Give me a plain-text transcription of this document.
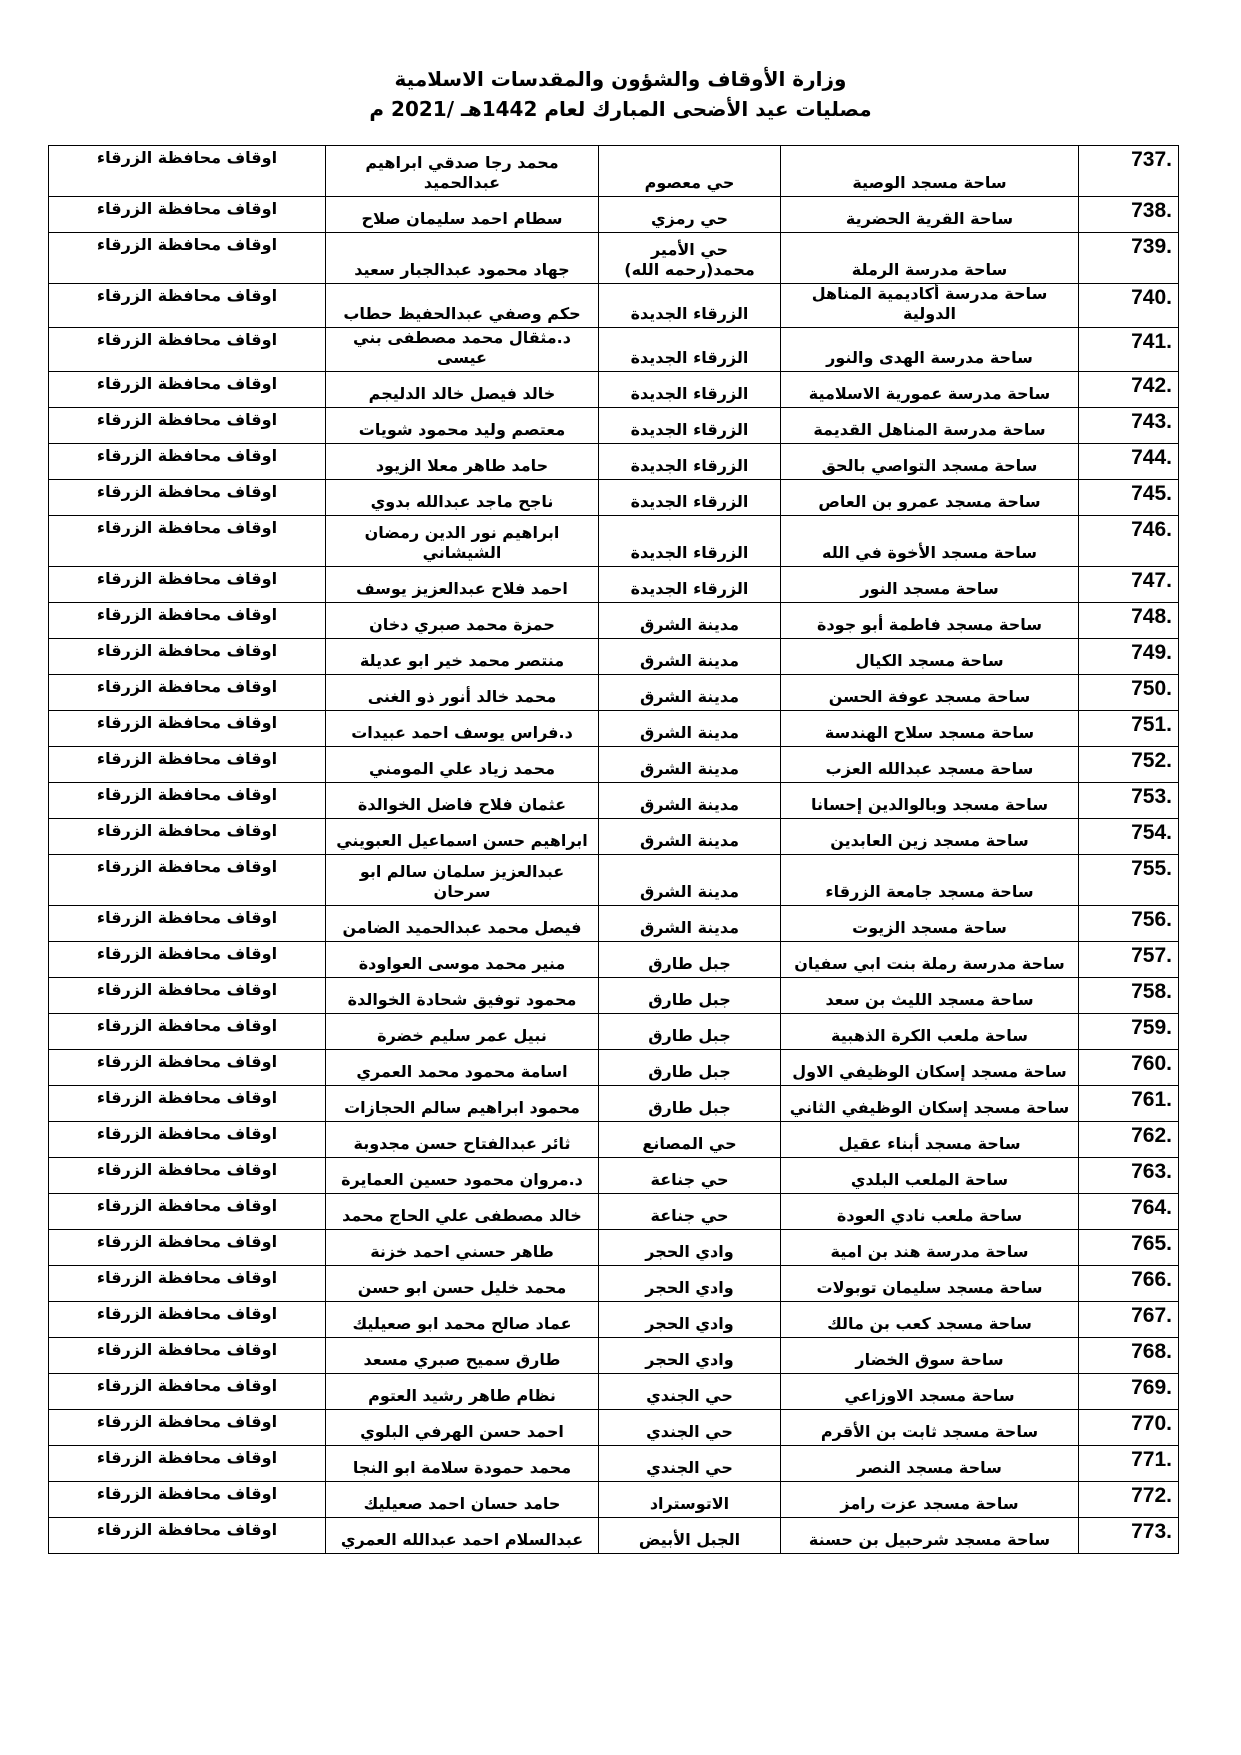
وزارة الأوقاف والشؤون والمقدسات الاسلامية
مصليات عيد الأضحى المبارك لعام 1442هـ /2021 م
737.	ساحة مسجد الوصية	حي معصوم	محمد رجا صدقي ابراهيم عبدالحميد	اوقاف محافظة الزرقاء
738.	ساحة القرية الحضرية	حي رمزي	سطام احمد سليمان صلاح	اوقاف محافظة الزرقاء
739.	ساحة مدرسة الرملة	حي الأمير محمد(رحمه الله)	جهاد محمود عبدالجبار سعيد	اوقاف محافظة الزرقاء
740.	ساحة مدرسة أكاديمية المناهل الدولية	الزرقاء الجديدة	حكم وصفي عبدالحفيظ حطاب	اوقاف محافظة الزرقاء
741.	ساحة مدرسة الهدى والنور	الزرقاء الجديدة	د.مثقال محمد مصطفى بني عيسى	اوقاف محافظة الزرقاء
742.	ساحة مدرسة عمورية الاسلامية	الزرقاء الجديدة	خالد فيصل خالد الدليجم	اوقاف محافظة الزرقاء
743.	ساحة مدرسة المناهل القديمة	الزرقاء الجديدة	معتصم وليد محمود شويات	اوقاف محافظة الزرقاء
744.	ساحة مسجد التواصي بالحق	الزرقاء الجديدة	حامد طاهر معلا الزيود	اوقاف محافظة الزرقاء
745.	ساحة مسجد عمرو بن العاص	الزرقاء الجديدة	ناجح ماجد عبدالله بدوي	اوقاف محافظة الزرقاء
746.	ساحة مسجد الأخوة في الله	الزرقاء الجديدة	ابراهيم نور الدين رمضان الشيشاني	اوقاف محافظة الزرقاء
747.	ساحة مسجد النور	الزرقاء الجديدة	احمد فلاح عبدالعزيز يوسف	اوقاف محافظة الزرقاء
748.	ساحة مسجد فاطمة أبو جودة	مدينة الشرق	حمزة محمد صبري دخان	اوقاف محافظة الزرقاء
749.	ساحة مسجد الكيال	مدينة الشرق	منتصر محمد خير ابو عديلة	اوقاف محافظة الزرقاء
750.	ساحة مسجد عوفة الحسن	مدينة الشرق	محمد خالد أنور ذو الغنى	اوقاف محافظة الزرقاء
751.	ساحة مسجد سلاح الهندسة	مدينة الشرق	د.فراس يوسف احمد عبيدات	اوقاف محافظة الزرقاء
752.	ساحة مسجد عبدالله العزب	مدينة الشرق	محمد زياد علي المومني	اوقاف محافظة الزرقاء
753.	ساحة مسجد وبالوالدين إحسانا	مدينة الشرق	عثمان فلاح فاضل الخوالدة	اوقاف محافظة الزرقاء
754.	ساحة مسجد زين العابدين	مدينة الشرق	ابراهيم حسن اسماعيل العبويني	اوقاف محافظة الزرقاء
755.	ساحة مسجد جامعة الزرقاء	مدينة الشرق	عبدالعزيز سلمان سالم ابو سرحان	اوقاف محافظة الزرقاء
756.	ساحة مسجد الزيوت	مدينة الشرق	فيصل محمد عبدالحميد الضامن	اوقاف محافظة الزرقاء
757.	ساحة مدرسة رملة بنت ابي سفيان	جبل طارق	منير محمد موسى العواودة	اوقاف محافظة الزرقاء
758.	ساحة مسجد الليث بن سعد	جبل طارق	محمود توفيق شحادة الخوالدة	اوقاف محافظة الزرقاء
759.	ساحة ملعب الكرة الذهبية	جبل طارق	نبيل عمر سليم خضرة	اوقاف محافظة الزرقاء
760.	ساحة مسجد إسكان الوظيفي الاول	جبل طارق	اسامة محمود محمد العمري	اوقاف محافظة الزرقاء
761.	ساحة مسجد إسكان الوظيفي الثاني	جبل طارق	محمود ابراهيم سالم الحجازات	اوقاف محافظة الزرقاء
762.	ساحة مسجد أبناء عقيل	حي المصانع	ثائر عبدالفتاح حسن مجدوبة	اوقاف محافظة الزرقاء
763.	ساحة الملعب البلدي	حي جناعة	د.مروان محمود حسين العمايرة	اوقاف محافظة الزرقاء
764.	ساحة ملعب نادي العودة	حي جناعة	خالد مصطفى علي الحاج محمد	اوقاف محافظة الزرقاء
765.	ساحة مدرسة هند بن امية	وادي الحجر	طاهر حسني احمد خزنة	اوقاف محافظة الزرقاء
766.	ساحة مسجد سليمان توبولات	وادي الحجر	محمد خليل حسن ابو حسن	اوقاف محافظة الزرقاء
767.	ساحة مسجد كعب بن مالك	وادي الحجر	عماد صالح محمد ابو صعيليك	اوقاف محافظة الزرقاء
768.	ساحة سوق الخضار	وادي الحجر	طارق سميح صبري مسعد	اوقاف محافظة الزرقاء
769.	ساحة مسجد الاوزاعي	حي الجندي	نظام طاهر رشيد العتوم	اوقاف محافظة الزرقاء
770.	ساحة مسجد ثابت بن الأقرم	حي الجندي	احمد حسن الهرفي البلوي	اوقاف محافظة الزرقاء
771.	ساحة مسجد النصر	حي الجندي	محمد حمودة سلامة ابو النجا	اوقاف محافظة الزرقاء
772.	ساحة مسجد عزت رامز	الاتوستراد	حامد حسان احمد صعيليك	اوقاف محافظة الزرقاء
773.	ساحة مسجد شرحبيل بن حسنة	الجبل الأبيض	عبدالسلام احمد عبدالله العمري	اوقاف محافظة الزرقاء
